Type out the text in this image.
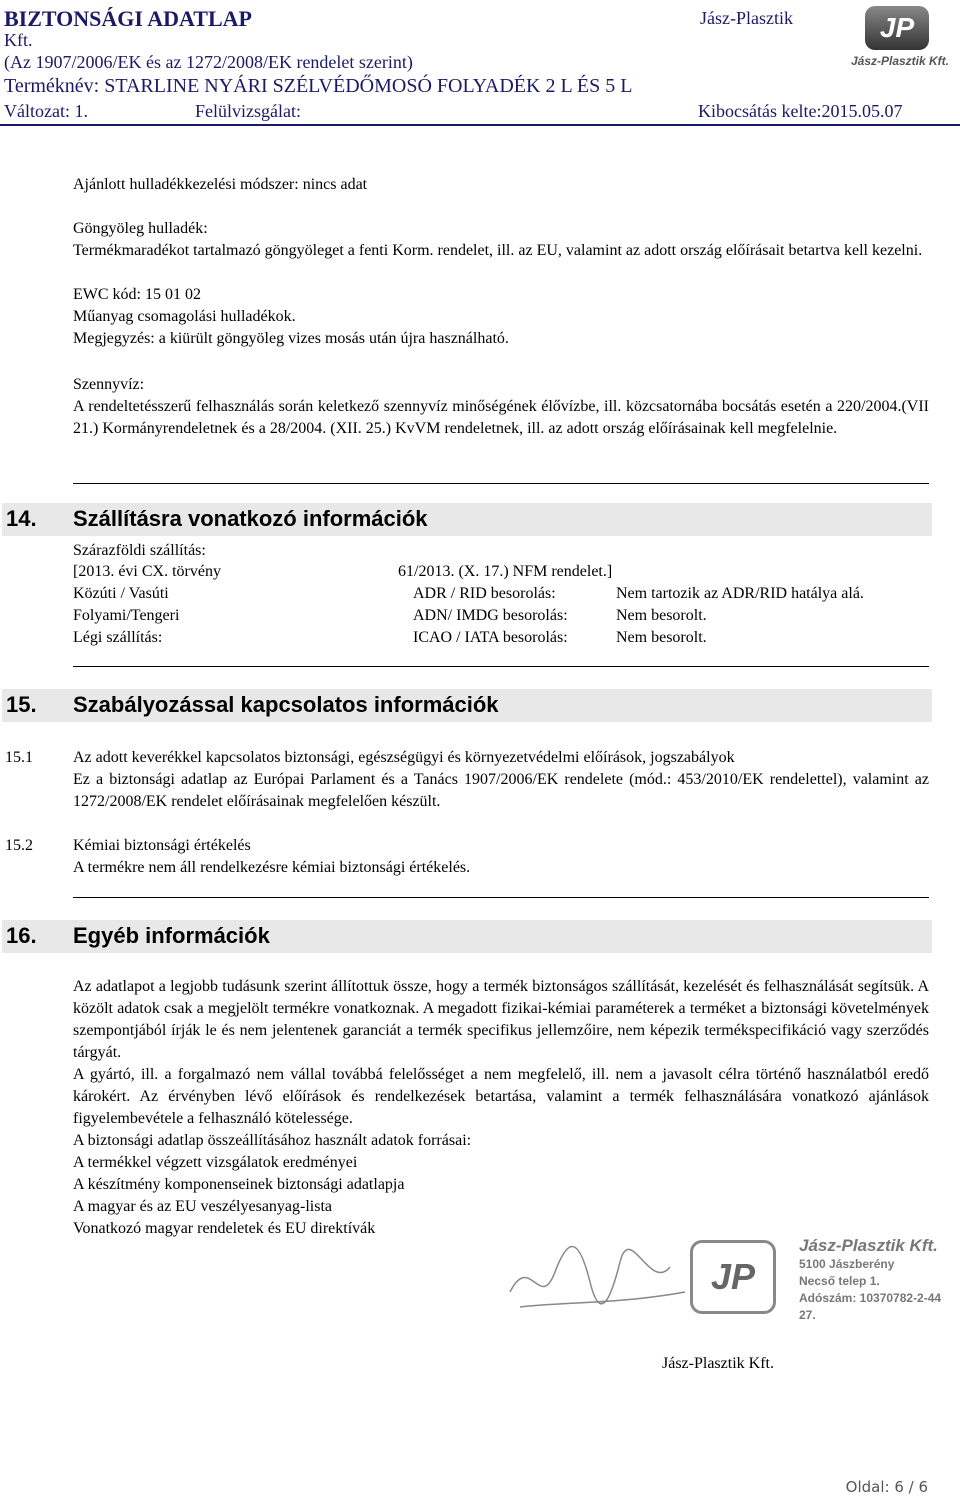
BIZTONSÁGI ADATLAP	Jász-Plasztik
Kft.
(Az 1907/2006/EK és az 1272/2008/EK rendelet szerint)
Terméknév: STARLINE NYÁRI SZÉLVÉDŐMOSÓ FOLYADÉK 2 L ÉS 5 L
Változat: 1.	Felülvizsgálat:	Kibocsátás kelte:2015.05.07
JP
Jász-Plasztik Kft.
Ajánlott hulladékkezelési módszer: nincs adat
Göngyöleg hulladék:
Termékmaradékot tartalmazó göngyöleget a fenti Korm. rendelet, ill. az EU, valamint az adott ország előírásait betartva kell kezelni.
EWC kód: 15 01 02
Műanyag csomagolási hulladékok.
Megjegyzés: a kiürült göngyöleg vizes mosás után újra használható.
Szennyvíz:
A rendeltetésszerű felhasználás során keletkező szennyvíz minőségének élővízbe, ill. közcsatornába bocsátás esetén a 220/2004.(VII 21.) Kormányrendeletnek és a 28/2004. (XII. 25.) KvVM rendeletnek, ill. az adott ország előírásainak kell megfelelnie.
14. Szállításra vonatkozó információk
Szárazföldi szállítás:
[2013. évi CX. törvény	61/2013. (X. 17.) NFM rendelet.]
Közúti / Vasúti	ADR / RID besorolás:	Nem tartozik az ADR/RID hatálya alá.
Folyami/Tengeri	ADN/ IMDG besorolás:	Nem besorolt.
Légi szállítás:	ICAO / IATA besorolás:	Nem besorolt.
15. Szabályozással kapcsolatos információk
15.1	Az adott keverékkel kapcsolatos biztonsági, egészségügyi és környezetvédelmi előírások, jogszabályok
Ez a biztonsági adatlap az Európai Parlament és a Tanács 1907/2006/EK rendelete (mód.: 453/2010/EK rendelettel), valamint az 1272/2008/EK rendelet előírásainak megfelelően készült.
15.2	Kémiai biztonsági értékelés
A termékre nem áll rendelkezésre kémiai biztonsági értékelés.
16. Egyéb információk
Az adatlapot a legjobb tudásunk szerint állítottuk össze, hogy a termék biztonságos szállítását, kezelését és felhasználását segítsük. A közölt adatok csak a megjelölt termékre vonatkoznak. A megadott fizikai-kémiai paraméterek a terméket a biztonsági követelmények szempontjából írják le és nem jelentenek garanciát a termék specifikus jellemzőire, nem képezik termékspecifikáció vagy szerződés tárgyát.
A gyártó, ill. a forgalmazó nem vállal továbbá felelősséget a nem megfelelő, ill. nem a javasolt célra történő használatból eredő károkért. Az érvényben lévő előírások és rendelkezések betartása, valamint a termék felhasználására vonatkozó ajánlások figyelembevétele a felhasználó kötelessége.
A biztonsági adatlap összeállításához használt adatok forrásai:
A termékkel végzett vizsgálatok eredményei
A készítmény komponenseinek biztonsági adatlapja
A magyar és az EU veszélyesanyag-lista
Vonatkozó magyar rendeletek és EU direktívák
JP
Jász-Plasztik Kft.
5100 Jászberény
Necső telep 1.
Adószám: 10370782-2-44
27.
Jász-Plasztik Kft.
Oldal: 6 / 6
